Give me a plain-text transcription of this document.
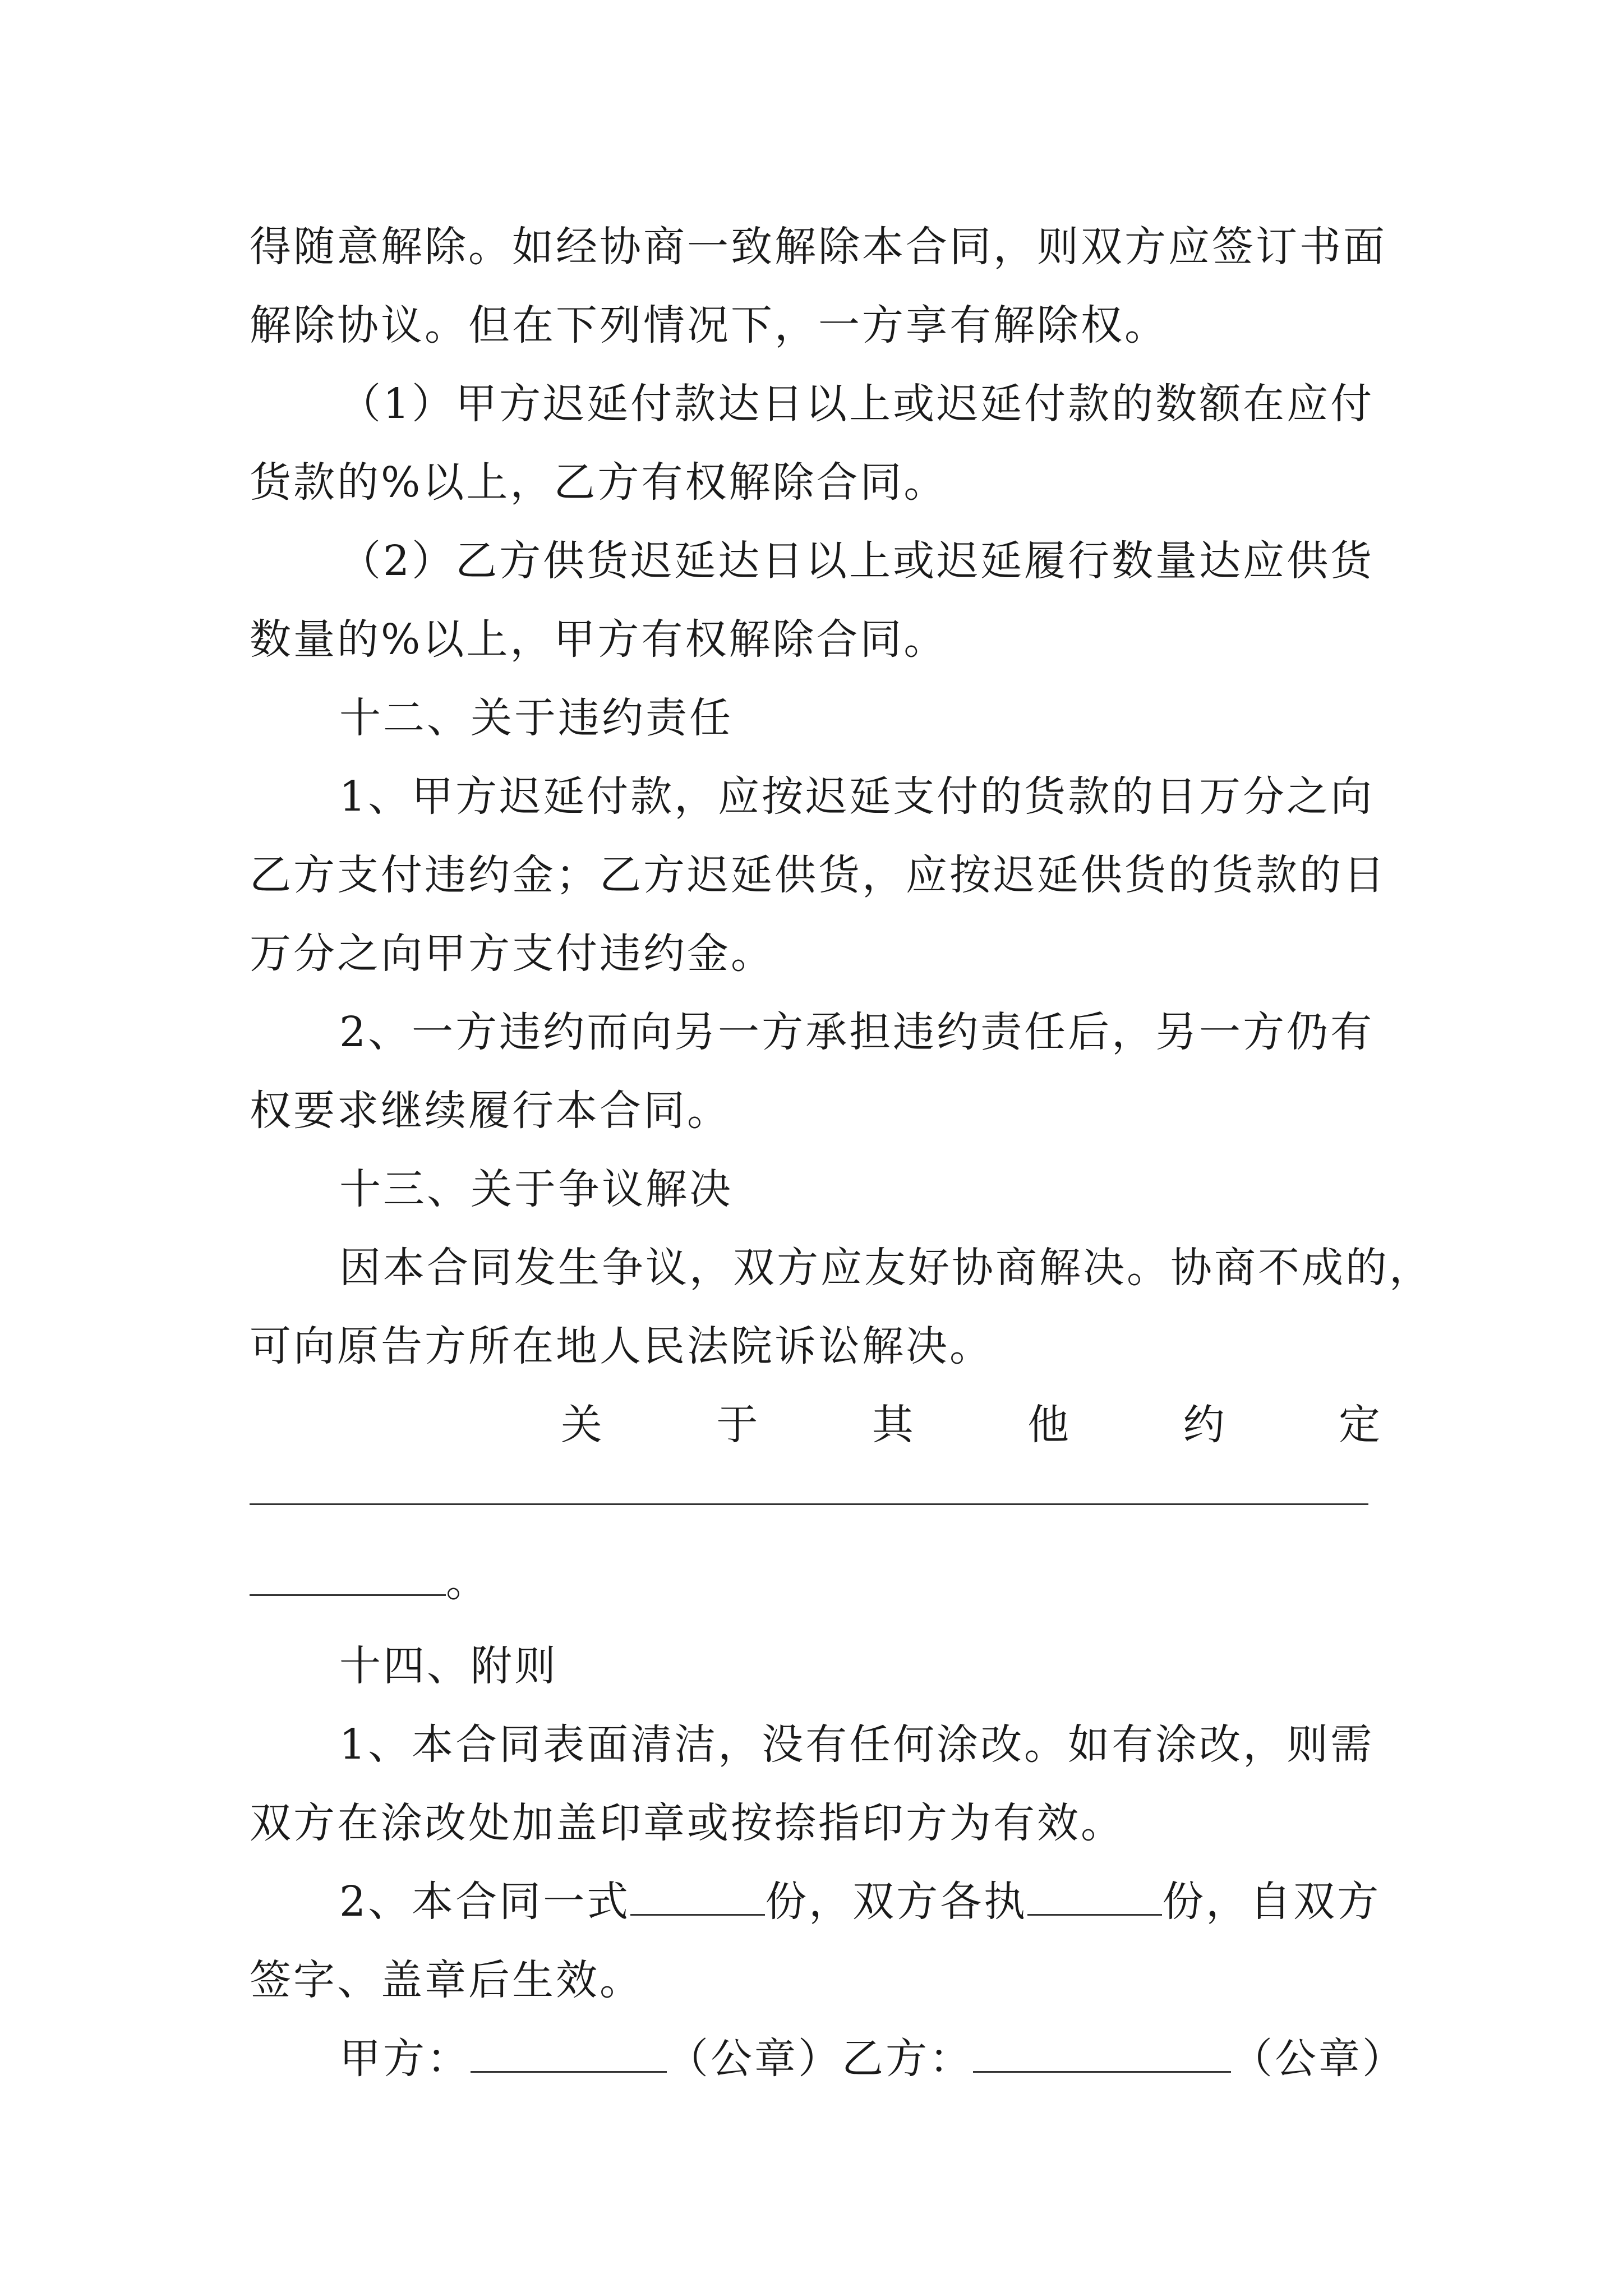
得随意解除。如经协商一致解除本合同，则双方应签订书面
解除协议。但在下列情况下，一方享有解除权。
（1）甲方迟延付款达日以上或迟延付款的数额在应付
货款的%以上，乙方有权解除合同。
（2）乙方供货迟延达日以上或迟延履行数量达应供货
数量的%以上，甲方有权解除合同。
十二、关于违约责任
1、甲方迟延付款，应按迟延支付的货款的日万分之向
乙方支付违约金；乙方迟延供货，应按迟延供货的货款的日
万分之向甲方支付违约金。
2、一方违约而向另一方承担违约责任后，另一方仍有
权要求继续履行本合同。
十三、关于争议解决
因本合同发生争议，双方应友好协商解决。协商不成的，
可向原告方所在地人民法院诉讼解决。
关	于	其	他	约	定
。
十四、附则
1、本合同表面清洁，没有任何涂改。如有涂改，则需
双方在涂改处加盖印章或按捺指印方为有效。
2、本合同一式	份，双方各执	份，自双方
签字、盖章后生效。
甲方：	（公章）乙方：	（公章）
